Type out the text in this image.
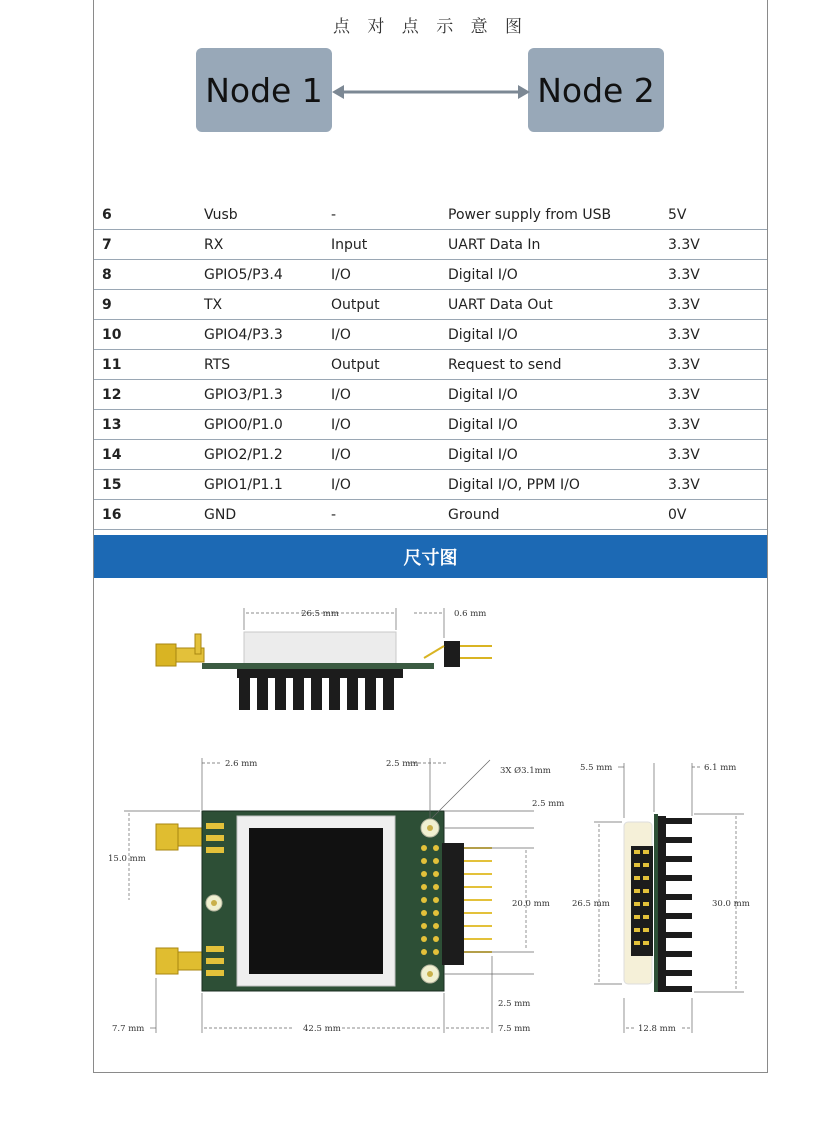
点 对 点 示 意 图
Node 1	Node 2
6	Vusb	-	Power supply from USB	5V
7	RX	Input	UART Data In	3.3V
8	GPIO5/P3.4	I/O	Digital I/O	3.3V
9	TX	Output	UART Data Out	3.3V
10	GPIO4/P3.3	I/O	Digital I/O	3.3V
11	RTS	Output	Request to send	3.3V
12	GPIO3/P1.3	I/O	Digital I/O	3.3V
13	GPIO0/P1.0	I/O	Digital I/O	3.3V
14	GPIO2/P1.2	I/O	Digital I/O	3.3V
15	GPIO1/P1.1	I/O	Digital I/O, PPM I/O	3.3V
16	GND	-	Ground	0V
尺寸图
26.5 mm	0.6 mm
2.6 mm	2.5 mm
3X Ø3.1mm
2.5 mm
15.0 mm
20.0 mm
2.5 mm
7.7 mm	42.5 mm	7.5 mm
5.5 mm	6.1 mm
26.5 mm	30.0 mm
12.8 mm
